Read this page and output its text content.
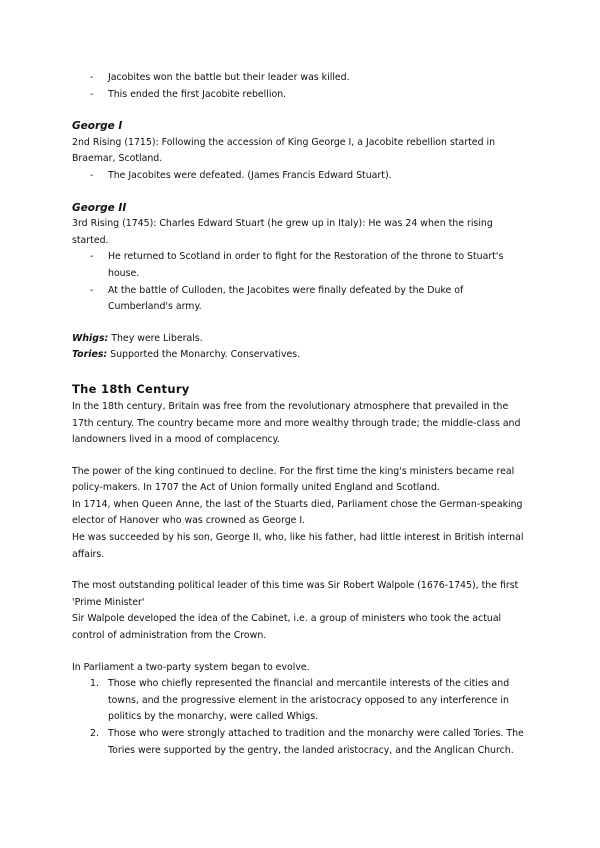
- Jacobites won the battle but their leader was killed.
- This ended the first Jacobite rebellion.

George I

2nd Rising (1715): Following the accession of King George I, a Jacobite rebellion started in Braemar, Scotland.

- The Jacobites were defeated. (James Francis Edward Stuart).

George II

3rd Rising (1745): Charles Edward Stuart (he grew up in Italy): He was 24 when the rising started.

- He returned to Scotland in order to fight for the Restoration of the throne to Stuart's house.
- At the battle of Culloden, the Jacobites were finally defeated by the Duke of Cumberland's army.

Whigs: They were Liberals.

Tories: Supported the Monarchy. Conservatives.

The 18th Century

In the 18th century, Britain was free from the revolutionary atmosphere that prevailed in the 17th century. The country became more and more wealthy through trade; the middle-class and landowners lived in a mood of complacency.

The power of the king continued to decline. For the first time the king's ministers became real policy-makers. In 1707 the Act of Union formally united England and Scotland.

In 1714, when Queen Anne, the last of the Stuarts died, Parliament chose the German-speaking elector of Hanover who was crowned as George I.

He was succeeded by his son, George II, who, like his father, had little interest in British internal affairs.

The most outstanding political leader of this time was Sir Robert Walpole (1676-1745), the first 'Prime Minister'

Sir Walpole developed the idea of the Cabinet, i.e. a group of ministers who took the actual control of administration from the Crown.

In Parliament a two-party system began to evolve.

1. Those who chiefly represented the financial and mercantile interests of the cities and towns, and the progressive element in the aristocracy opposed to any interference in politics by the monarchy, were called Whigs.
2. Those who were strongly attached to tradition and the monarchy were called Tories. The Tories were supported by the gentry, the landed aristocracy, and the Anglican Church.
